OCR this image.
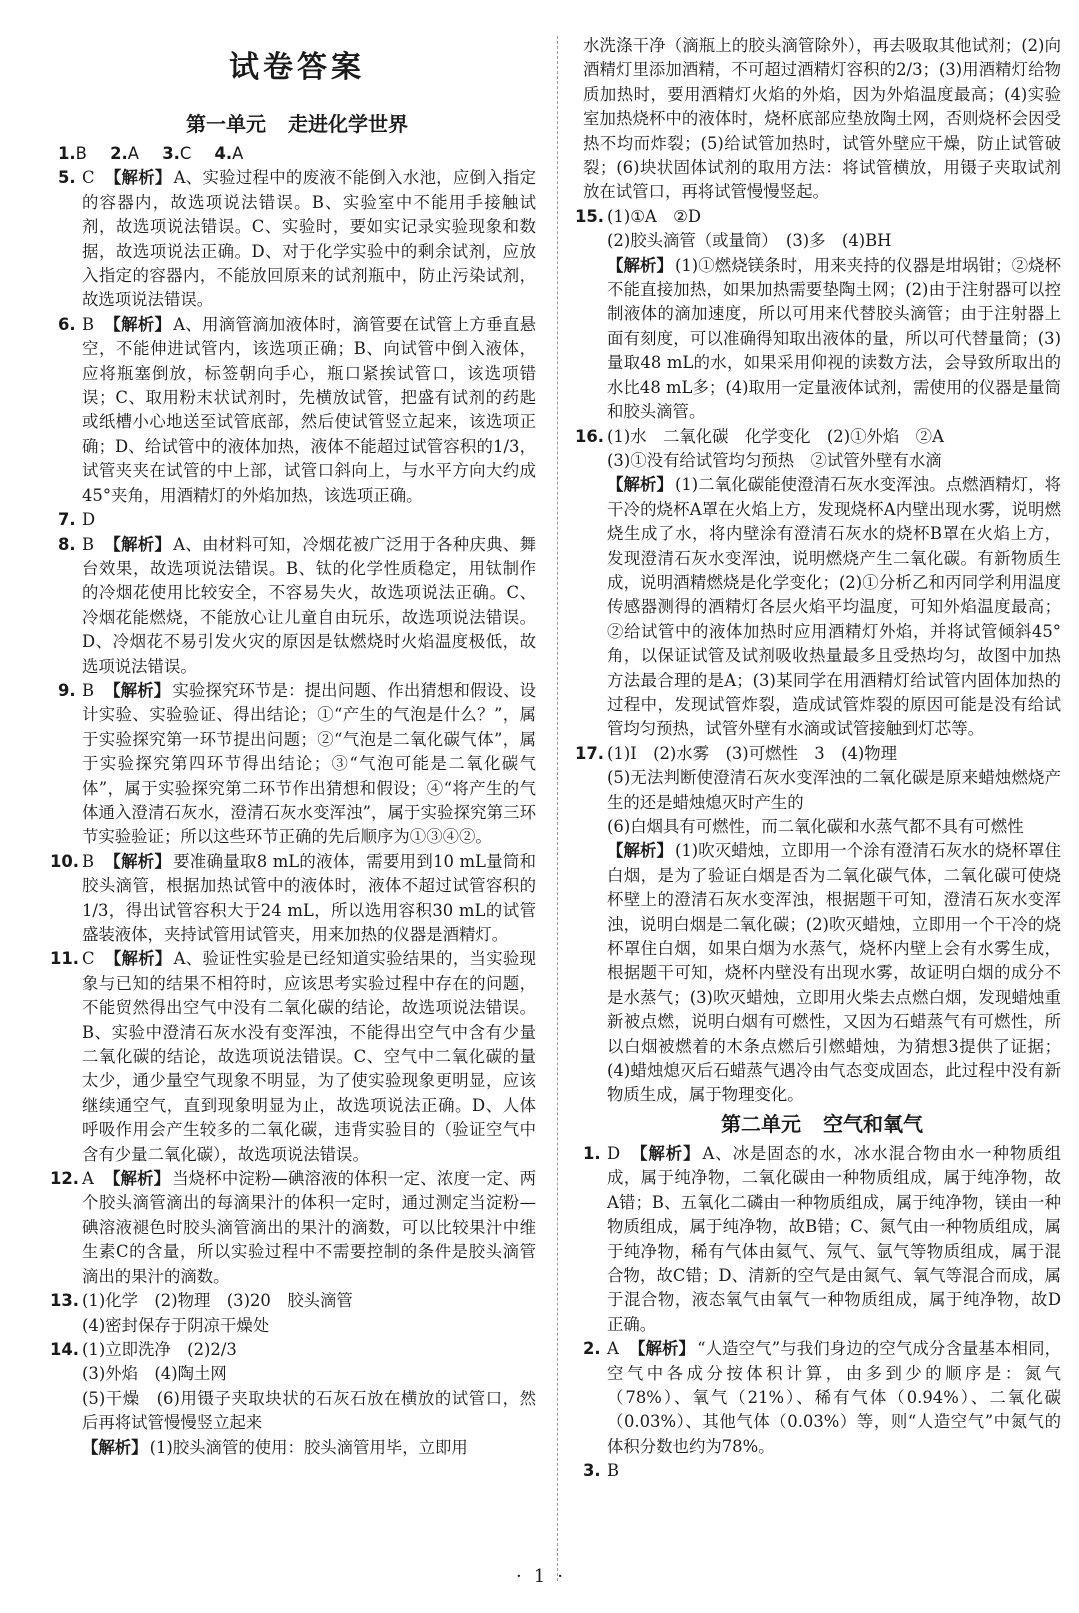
试卷答案
第一单元 走进化学世界
1.B 2.A 3.C 4.A
5. C 【解析】 A、实验过程中的废液不能倒入水池，应倒入指定的容器内，故选项说法错误。B、实验室中不能用手接触试剂，故选项说法错误。C、实验时，要如实记录实验现象和数据，故选项说法正确。D、对于化学实验中的剩余试剂，应放入指定的容器内，不能放回原来的试剂瓶中，防止污染试剂，故选项说法错误。
6. B 【解析】 A、用滴管滴加液体时，滴管要在试管上方垂直悬空，不能伸进试管内，该选项正确；B、向试管中倒入液体，应将瓶塞倒放，标签朝向手心，瓶口紧挨试管口，该选项错误；C、取用粉末状试剂时，先横放试管，把盛有试剂的药匙或纸槽小心地送至试管底部，然后使试管竖立起来，该选项正确；D、给试管中的液体加热，液体不能超过试管容积的1/3，试管夹夹在试管的中上部，试管口斜向上，与水平方向大约成45°夹角，用酒精灯的外焰加热，该选项正确。
7. D
8. B 【解析】 A、由材料可知，冷烟花被广泛用于各种庆典、舞台效果，故选项说法错误。B、钛的化学性质稳定，用钛制作的冷烟花使用比较安全，不容易失火，故选项说法正确。C、冷烟花能燃烧，不能放心让儿童自由玩乐，故选项说法错误。D、冷烟花不易引发火灾的原因是钛燃烧时火焰温度极低，故选项说法错误。
9. B 【解析】 实验探究环节是：提出问题、作出猜想和假设、设计实验、实验验证、得出结论；①“产生的气泡是什么？”，属于实验探究第一环节提出问题；②“气泡是二氧化碳气体”，属于实验探究第四环节得出结论；③“气泡可能是二氧化碳气体”，属于实验探究第二环节作出猜想和假设；④“将产生的气体通入澄清石灰水，澄清石灰水变浑浊”，属于实验探究第三环节实验验证；所以这些环节正确的先后顺序为①③④②。
10. B 【解析】 要准确量取8 mL的液体，需要用到10 mL量筒和胶头滴管，根据加热试管中的液体时，液体不超过试管容积的1/3，得出试管容积大于24 mL，所以选用容积30 mL的试管盛装液体，夹持试管用试管夹，用来加热的仪器是酒精灯。
11. C 【解析】 A、验证性实验是已经知道实验结果的，当实验现象与已知的结果不相符时，应该思考实验过程中存在的问题，不能贸然得出空气中没有二氧化碳的结论，故选项说法错误。B、实验中澄清石灰水没有变浑浊，不能得出空气中含有少量二氧化碳的结论，故选项说法错误。C、空气中二氧化碳的量太少，通少量空气现象不明显，为了使实验现象更明显，应该继续通空气，直到现象明显为止，故选项说法正确。D、人体呼吸作用会产生较多的二氧化碳，违背实验目的（验证空气中含有少量二氧化碳），故选项说法错误。
12. A 【解析】 当烧杯中淀粉—碘溶液的体积一定、浓度一定、两个胶头滴管滴出的每滴果汁的体积一定时，通过测定当淀粉—碘溶液褪色时胶头滴管滴出的果汁的滴数，可以比较果汁中维生素C的含量，所以实验过程中不需要控制的条件是胶头滴管滴出的果汁的滴数。
13. (1)化学　(2)物理　(3)20　胶头滴管
(4)密封保存于阴凉干燥处
14. (1)立即洗净　(2)2/3
(3)外焰　(4)陶土网
(5)干燥　(6)用镊子夹取块状的石灰石放在横放的试管口，然后再将试管慢慢竖立起来
【解析】 (1)胶头滴管的使用：胶头滴管用毕，立即用
水洗涤干净（滴瓶上的胶头滴管除外），再去吸取其他试剂；(2)向酒精灯里添加酒精，不可超过酒精灯容积的2/3；(3)用酒精灯给物质加热时，要用酒精灯火焰的外焰，因为外焰温度最高；(4)实验室加热烧杯中的液体时，烧杯底部应垫放陶土网，否则烧杯会因受热不均而炸裂；(5)给试管加热时，试管外壁应干燥，防止试管破裂；(6)块状固体试剂的取用方法：将试管横放，用镊子夹取试剂放在试管口，再将试管慢慢竖起。
15. (1)①A　②D
(2)胶头滴管（或量筒）　(3)多　(4)BH
【解析】 (1)①燃烧镁条时，用来夹持的仪器是坩埚钳；②烧杯不能直接加热，如果加热需要垫陶土网；(2)由于注射器可以控制液体的滴加速度，所以可用来代替胶头滴管；由于注射器上面有刻度，可以准确得知取出液体的量，所以可代替量筒；(3)量取48 mL的水，如果采用仰视的读数方法，会导致所取出的水比48 mL多；(4)取用一定量液体试剂，需使用的仪器是量筒和胶头滴管。
16. (1)水　二氧化碳　化学变化　(2)①外焰　②A
(3)①没有给试管均匀预热　②试管外壁有水滴
【解析】 (1)二氧化碳能使澄清石灰水变浑浊。点燃酒精灯，将干冷的烧杯A罩在火焰上方，发现烧杯A内壁出现水雾，说明燃烧生成了水，将内壁涂有澄清石灰水的烧杯B罩在火焰上方，发现澄清石灰水变浑浊，说明燃烧产生二氧化碳。有新物质生成，说明酒精燃烧是化学变化；(2)①分析乙和丙同学利用温度传感器测得的酒精灯各层火焰平均温度，可知外焰温度最高；②给试管中的液体加热时应用酒精灯外焰，并将试管倾斜45°角，以保证试管及试剂吸收热量最多且受热均匀，故图中加热方法最合理的是A；(3)某同学在用酒精灯给试管内固体加热的过程中，发现试管炸裂，造成试管炸裂的原因可能是没有给试管均匀预热，试管外壁有水滴或试管接触到灯芯等。
17. (1)Ⅰ　(2)水雾　(3)可燃性　3　(4)物理
(5)无法判断使澄清石灰水变浑浊的二氧化碳是原来蜡烛燃烧产生的还是蜡烛熄灭时产生的
(6)白烟具有可燃性，而二氧化碳和水蒸气都不具有可燃性
【解析】 (1)吹灭蜡烛，立即用一个涂有澄清石灰水的烧杯罩住白烟，是为了验证白烟是否为二氧化碳气体，二氧化碳可使烧杯壁上的澄清石灰水变浑浊，根据题干可知，澄清石灰水变浑浊，说明白烟是二氧化碳；(2)吹灭蜡烛，立即用一个干冷的烧杯罩住白烟，如果白烟为水蒸气，烧杯内壁上会有水雾生成，根据题干可知，烧杯内壁没有出现水雾，故证明白烟的成分不是水蒸气；(3)吹灭蜡烛，立即用火柴去点燃白烟，发现蜡烛重新被点燃，说明白烟有可燃性，又因为石蜡蒸气有可燃性，所以白烟被燃着的木条点燃后引燃蜡烛，为猜想3提供了证据；(4)蜡烛熄灭后石蜡蒸气遇冷由气态变成固态，此过程中没有新物质生成，属于物理变化。
第二单元 空气和氧气
1. D 【解析】 A、冰是固态的水，冰水混合物由水一种物质组成，属于纯净物，二氧化碳由一种物质组成，属于纯净物，故A错；B、五氧化二磷由一种物质组成，属于纯净物，镁由一种物质组成，属于纯净物，故B错；C、氮气由一种物质组成，属于纯净物，稀有气体由氦气、氖气、氩气等物质组成，属于混合物，故C错；D、清新的空气是由氮气、氧气等混合而成，属于混合物，液态氧气由氧气一种物质组成，属于纯净物，故D正确。
2. A 【解析】 “人造空气”与我们身边的空气成分含量基本相同，空气中各成分按体积计算，由多到少的顺序是：氮气（78%）、氧气（21%）、稀有气体（0.94%）、二氧化碳（0.03%）、其他气体（0.03%）等，则“人造空气”中氮气的体积分数也约为78%。
3. B
· 1 ·
